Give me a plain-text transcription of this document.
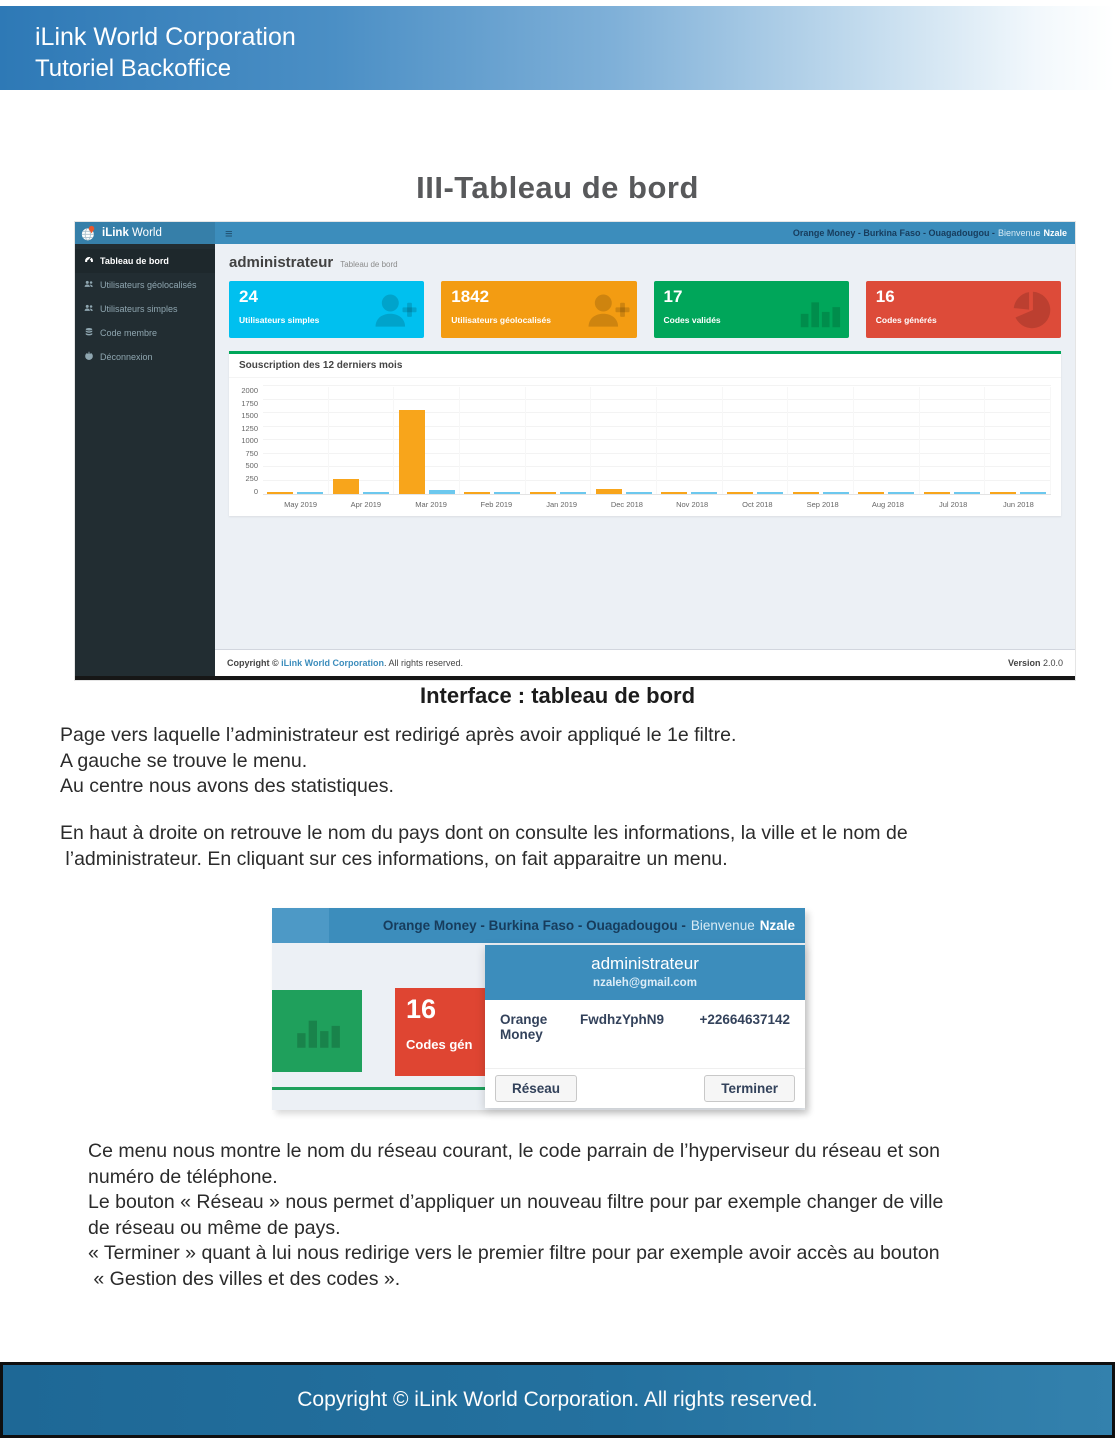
iLink World Corporation
Tutoriel Backoffice
III-Tableau de bord
iLink World	≡	Orange Money - Burkina Faso - Ouagadougou - Bienvenue Nzale
Tableau de bord
Utilisateurs géolocalisés
Utilisateurs simples
Code membre
Déconnexion
administrateur Tableau de bord
24
Utilisateurs simples
1842
Utilisateurs géolocalisés
17
Codes validés
16
Codes générés
Souscription des 12 derniers mois
2000
1750
1500
1250
1000
750
500
250
0
May 2019	Apr 2019	Mar 2019	Feb 2019	Jan 2019	Dec 2018	Nov 2018	Oct 2018	Sep 2018	Aug 2018	Jul 2018	Jun 2018
Copyright © iLink World Corporation. All rights reserved.	Version 2.0.0
Interface : tableau de bord
Page vers laquelle l’administrateur est redirigé après avoir appliqué le 1e filtre.
A gauche se trouve le menu.
Au centre nous avons des statistiques.
En haut à droite on retrouve le nom du pays dont on consulte les informations, la ville et le nom de
l’administrateur. En cliquant sur ces informations, on fait apparaitre un menu.
Orange Money - Burkina Faso - Ouagadougou - Bienvenue Nzale
16
Codes gén
administrateur
nzaleh@gmail.com
Orange Money
FwdhzYphN9	+22664637142
Réseau	Terminer
Ce menu nous montre le nom du réseau courant, le code parrain de l’hyperviseur du réseau et son
numéro de téléphone.
Le bouton « Réseau » nous permet d’appliquer un nouveau filtre pour par exemple changer de ville
de réseau ou même de pays.
« Terminer » quant à lui nous redirige vers le premier filtre pour par exemple avoir accès au bouton
« Gestion des villes et des codes ».
Copyright © iLink World Corporation. All rights reserved.
